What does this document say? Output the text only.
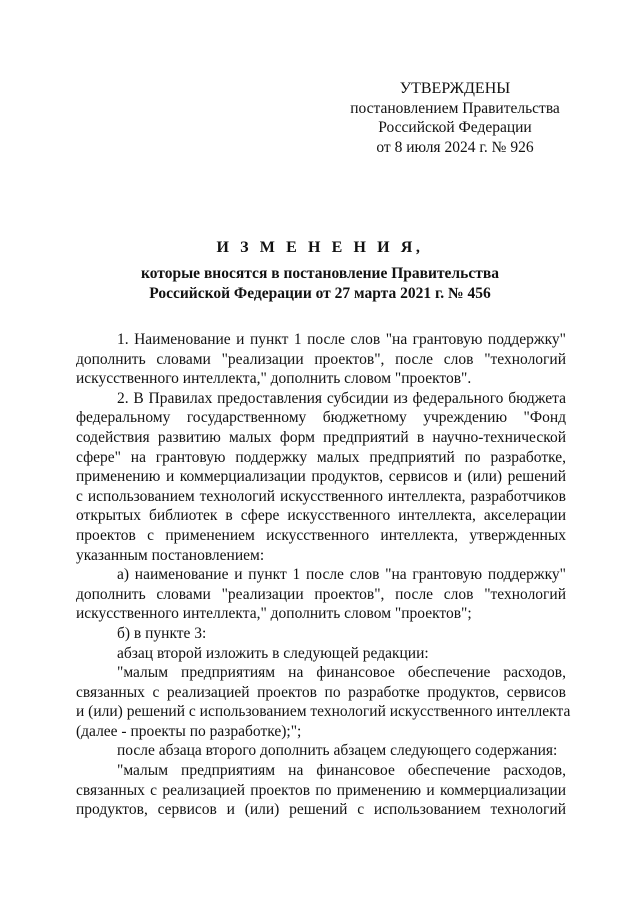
УТВЕРЖДЕНЫ
постановлением Правительства
Российской Федерации
от 8 июля 2024 г. № 926
И З М Е Н Е Н И Я,
которые вносятся в постановление Правительства
Российской Федерации от 27 марта 2021 г. № 456
1. Наименование и пункт 1 после слов "на грантовую поддержку"
дополнить словами "реализации проектов", после слов "технологий
искусственного интеллекта," дополнить словом "проектов".
2. В Правилах предоставления субсидии из федерального бюджета
федеральному государственному бюджетному учреждению "Фонд
содействия развитию малых форм предприятий в научно-технической
сфере" на грантовую поддержку малых предприятий по разработке,
применению и коммерциализации продуктов, сервисов и (или) решений
с использованием технологий искусственного интеллекта, разработчиков
открытых библиотек в сфере искусственного интеллекта, акселерации
проектов с применением искусственного интеллекта, утвержденных
указанным постановлением:
а) наименование и пункт 1 после слов "на грантовую поддержку"
дополнить словами "реализации проектов", после слов "технологий
искусственного интеллекта," дополнить словом "проектов";
б) в пункте 3:
абзац второй изложить в следующей редакции:
"малым предприятиям на финансовое обеспечение расходов,
связанных с реализацией проектов по разработке продуктов, сервисов
и (или) решений с использованием технологий искусственного интеллекта
(далее - проекты по разработке);";
после абзаца второго дополнить абзацем следующего содержания:
"малым предприятиям на финансовое обеспечение расходов,
связанных с реализацией проектов по применению и коммерциализации
продуктов, сервисов и (или) решений с использованием технологий
